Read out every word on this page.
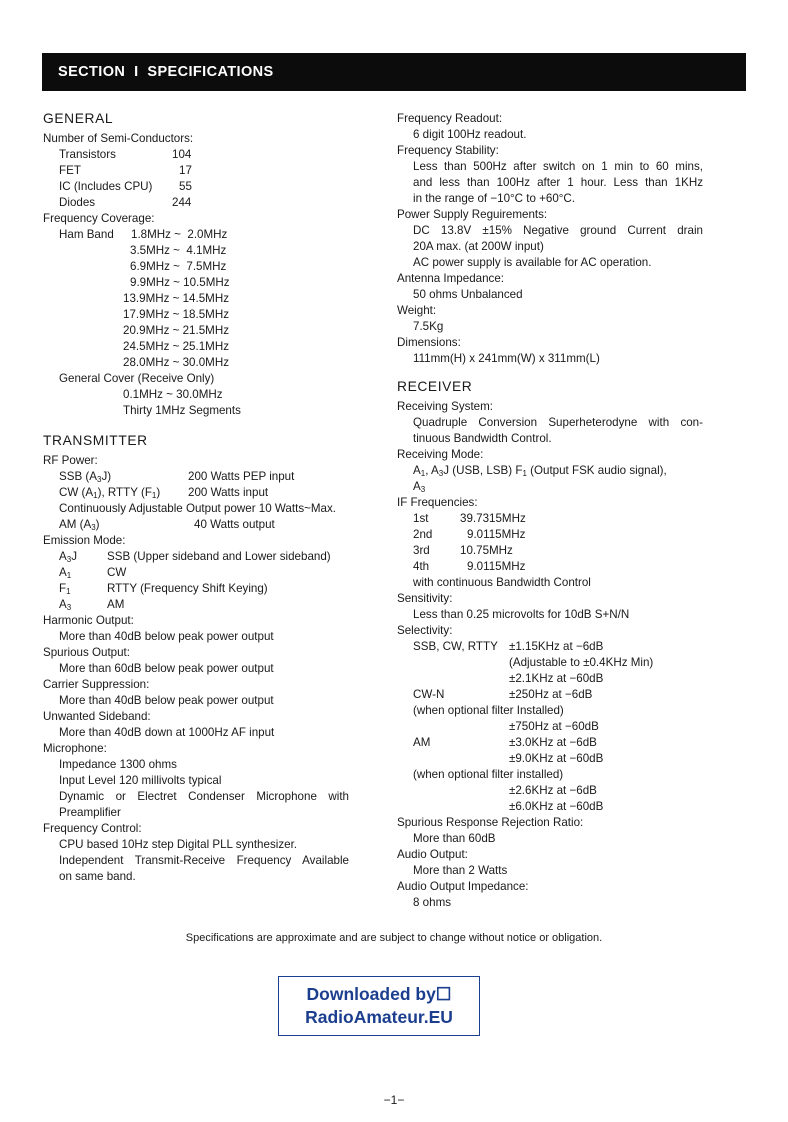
SECTION  I  SPECIFICATIONS
GENERAL
Number of Semi-Conductors:
Transistors	104
FET	17
IC (Includes CPU) 55
Diodes	244
Frequency Coverage:
Ham Band 1.8MHz ~  2.0MHz
3.5MHz ~  4.1MHz
6.9MHz ~  7.5MHz
9.9MHz ~ 10.5MHz
13.9MHz ~ 14.5MHz
17.9MHz ~ 18.5MHz
20.9MHz ~ 21.5MHz
24.5MHz ~ 25.1MHz
28.0MHz ~ 30.0MHz
General Cover (Receive Only)
0.1MHz ~ 30.0MHz
Thirty 1MHz Segments
TRANSMITTER
RF Power:
SSB $(A_3J)$	200 Watts PEP input
CW $(A_1)$, RTTY $(F_1)$ 200 Watts input
Continuously Adjustable Output power 10 Watts~Max.
AM $(A_3)$	40 Watts output
Emission Mode:
$A_3J$	SSB (Upper sideband and Lower sideband)
$A_1$	CW
$F_1$	RTTY (Frequency Shift Keying)
$A_3$	AM
Harmonic Output:
More than 40dB below peak power output
Spurious Output:
More than 60dB below peak power output
Carrier Suppression:
More than 40dB below peak power output
Unwanted Sideband:
More than 40dB down at 1000Hz AF input
Microphone:
Impedance 1300 ohms
Input Level 120 millivolts typical
Dynamic or Electret Condenser Microphone with
Preamplifier
Frequency Control:
CPU based 10Hz step Digital PLL synthesizer.
Independent Transmit-Receive Frequency Available
on same band.
Frequency Readout:
6 digit 100Hz readout.
Frequency Stability:
Less than 500Hz after switch on 1 min to 60 mins,
and less than 100Hz after 1 hour. Less than 1KHz
in the range of −10°C to +60°C.
Power Supply Reguirements:
DC 13.8V ±15% Negative ground Current drain
20A max. (at 200W input)
AC power supply is available for AC operation.
Antenna Impedance:
50 ohms Unbalanced
Weight:
7.5Kg
Dimensions:
111mm(H) x 241mm(W) x 311mm(L)
RECEIVER
Receiving System:
Quadruple Conversion Superheterodyne with con-
tinuous Bandwidth Control.
Receiving Mode:
$A_1$, $A_3J$ (USB, LSB) $F_1$ (Output FSK audio signal),
$A_3$
IF Frequencies:
1st	39.7315MHz
2nd	9.0115MHz
3rd	10.75MHz
4th	9.0115MHz
with continuous Bandwidth Control
Sensitivity:
Less than 0.25 microvolts for 10dB S+N/N
Selectivity:
SSB, CW, RTTY ±1.15KHz at −6dB
(Adjustable to ±0.4KHz Min)
±2.1KHz at −60dB
CW-N	±250Hz at −6dB
(when optional filter Installed)
±750Hz at −60dB
AM	±3.0KHz at −6dB
±9.0KHz at −60dB
(when optional filter installed)
±2.6KHz at −6dB
±6.0KHz at −60dB
Spurious Response Rejection Ratio:
More than 60dB
Audio Output:
More than 2 Watts
Audio Output Impedance:
8 ohms
Specifications are approximate and are subject to change without notice or obligation.
Downloaded by☐
RadioAmateur.EU
−1−
